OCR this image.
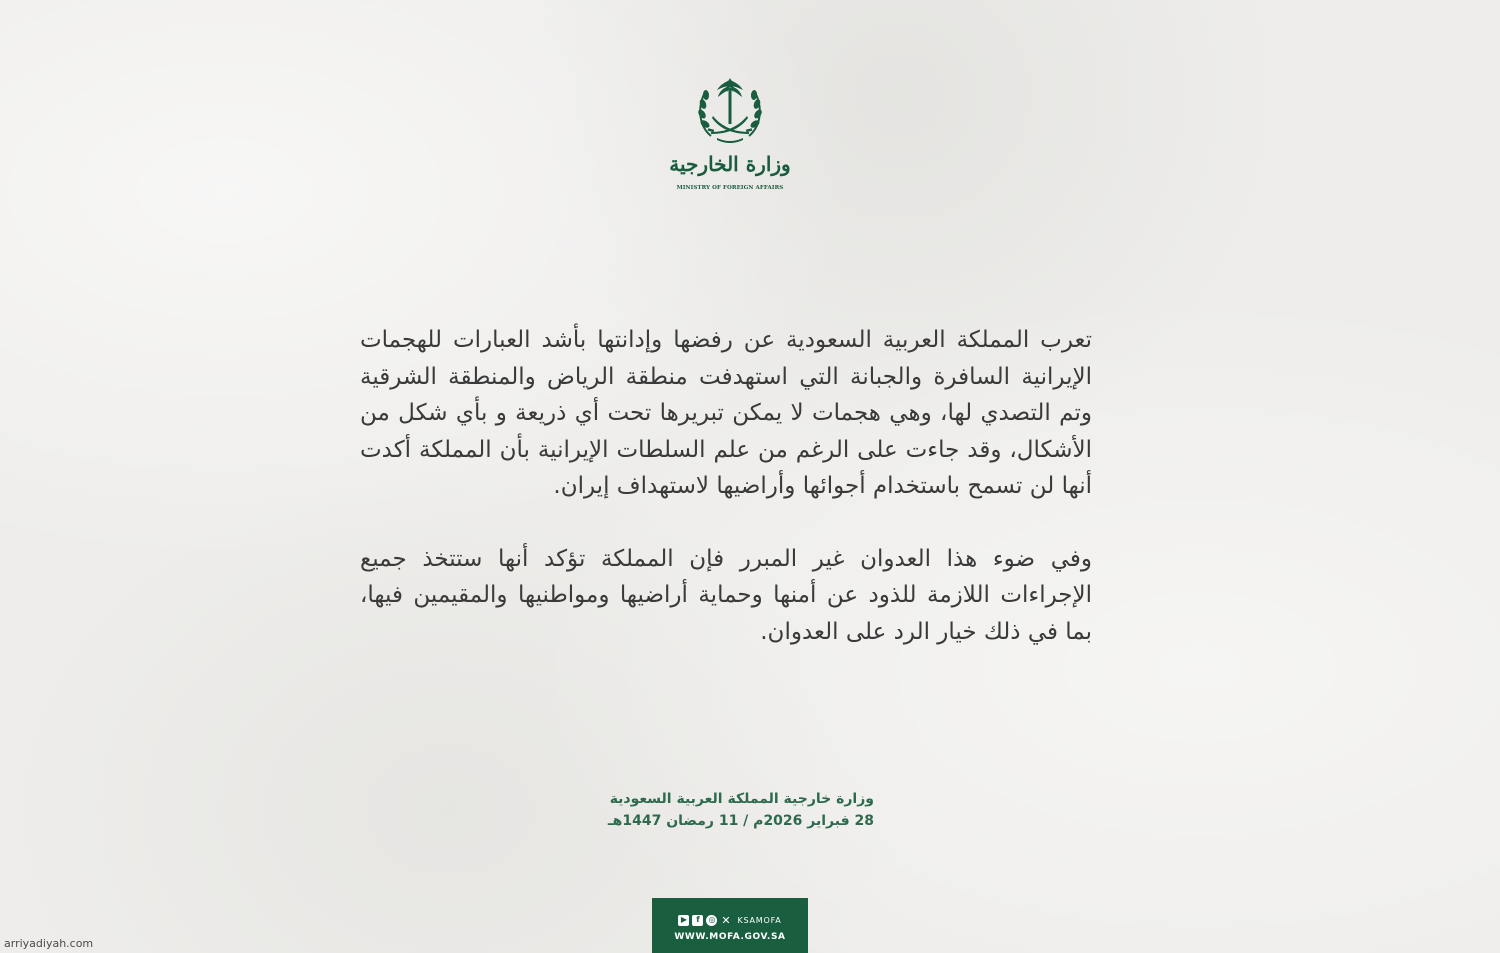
وزارة الخارجية
MINISTRY OF FOREIGN AFFAIRS

تعرب المملكة العربية السعودية عن رفضها وإدانتها بأشد العبارات للهجمات الإيرانية السافرة والجبانة التي استهدفت منطقة الرياض والمنطقة الشرقية وتم التصدي لها، وهي هجمات لا يمكن تبريرها تحت أي ذريعة و بأي شكل من الأشكال، وقد جاءت على الرغم من علم السلطات الإيرانية بأن المملكة أكدت أنها لن تسمح باستخدام أجوائها وأراضيها لاستهداف إيران.

وفي ضوء هذا العدوان غير المبرر فإن المملكة تؤكد أنها ستتخذ جميع الإجراءات اللازمة للذود عن أمنها وحماية أراضيها ومواطنيها والمقيمين فيها، بما في ذلك خيار الرد على العدوان.

وزارة خارجية المملكة العربية السعودية
28 فبراير 2026م / 11 رمضان 1447هـ
▶	f	◎ ✕ KSAMOFA
WWW.MOFA.GOV.SA
arriyadiyah.com
